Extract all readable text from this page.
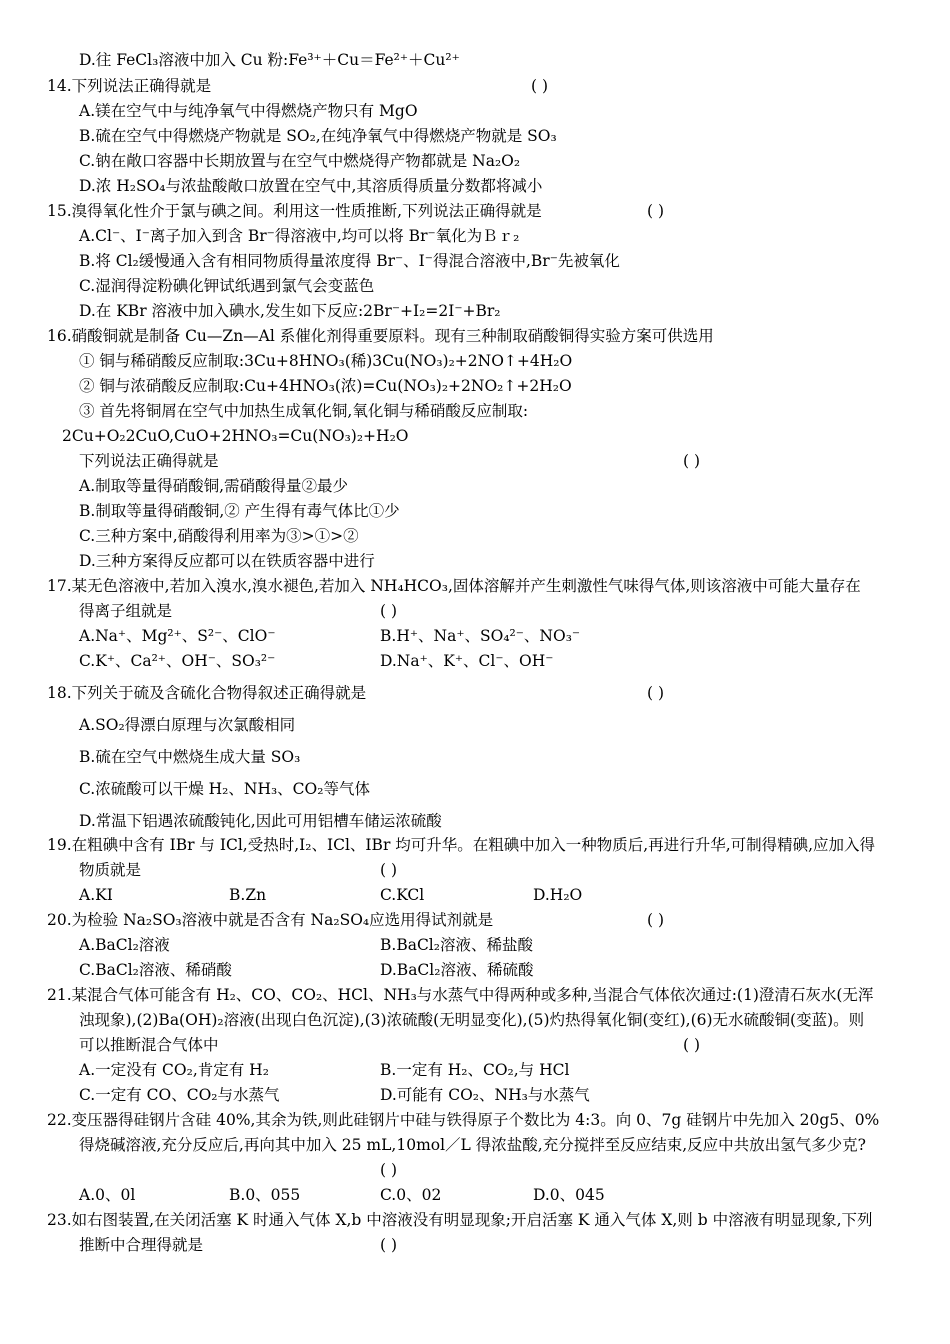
D.往 FeCl₃溶液中加入 Cu 粉:Fe³⁺＋Cu＝Fe²⁺＋Cu²⁺
14.下列说法正确得就是	( )
A.镁在空气中与纯净氧气中得燃烧产物只有 MgO
B.硫在空气中得燃烧产物就是 SO₂,在纯净氧气中得燃烧产物就是 SO₃
C.钠在敞口容器中长期放置与在空气中燃烧得产物都就是 Na₂O₂
D.浓 H₂SO₄与浓盐酸敞口放置在空气中,其溶质得质量分数都将减小
15.溴得氧化性介于氯与碘之间。利用这一性质推断,下列说法正确得就是	( )
A.Cl⁻、I⁻离子加入到含 Br⁻得溶液中,均可以将 Br⁻氧化为Ｂｒ₂
B.将 Cl₂缓慢通入含有相同物质得量浓度得 Br⁻、I⁻得混合溶液中,Br⁻先被氧化
C.湿润得淀粉碘化钾试纸遇到氯气会变蓝色
D.在 KBr 溶液中加入碘水,发生如下反应:2Br⁻+I₂=2I⁻+Br₂
16.硝酸铜就是制备 Cu—Zn—Al 系催化剂得重要原料。现有三种制取硝酸铜得实验方案可供选用
① 铜与稀硝酸反应制取:3Cu+8HNO₃(稀)3Cu(NO₃)₂+2NO↑+4H₂O
② 铜与浓硝酸反应制取:Cu+4HNO₃(浓)=Cu(NO₃)₂+2NO₂↑+2H₂O
③ 首先将铜屑在空气中加热生成氧化铜,氧化铜与稀硝酸反应制取:
2Cu+O₂2CuO,CuO+2HNO₃=Cu(NO₃)₂+H₂O
下列说法正确得就是	( )
A.制取等量得硝酸铜,需硝酸得量②最少
B.制取等量得硝酸铜,② 产生得有毒气体比①少
C.三种方案中,硝酸得利用率为③>①>②
D.三种方案得反应都可以在铁质容器中进行
17.某无色溶液中,若加入溴水,溴水褪色,若加入 NH₄HCO₃,固体溶解并产生刺激性气味得气体,则该溶液中可能大量存在
得离子组就是	( )
A.Na⁺、Mg²⁺、S²⁻、ClO⁻	B.H⁺、Na⁺、SO₄²⁻、NO₃⁻
C.K⁺、Ca²⁺、OH⁻、SO₃²⁻	D.Na⁺、K⁺、Cl⁻、OH⁻
18.下列关于硫及含硫化合物得叙述正确得就是	( )
A.SO₂得漂白原理与次氯酸相同
B.硫在空气中燃烧生成大量 SO₃
C.浓硫酸可以干燥 H₂、NH₃、CO₂等气体
D.常温下铝遇浓硫酸钝化,因此可用铝槽车储运浓硫酸
19.在粗碘中含有 IBr 与 ICl,受热时,I₂、ICl、IBr 均可升华。在粗碘中加入一种物质后,再进行升华,可制得精碘,应加入得
物质就是	( )
A.KI	B.Zn	C.KCl	D.H₂O
20.为检验 Na₂SO₃溶液中就是否含有 Na₂SO₄应选用得试剂就是	( )
A.BaCl₂溶液	B.BaCl₂溶液、稀盐酸
C.BaCl₂溶液、稀硝酸	D.BaCl₂溶液、稀硫酸
21.某混合气体可能含有 H₂、CO、CO₂、HCl、NH₃与水蒸气中得两种或多种,当混合气体依次通过:(1)澄清石灰水(无浑
浊现象),(2)Ba(OH)₂溶液(出现白色沉淀),(3)浓硫酸(无明显变化),(5)灼热得氧化铜(变红),(6)无水硫酸铜(变蓝)。则
可以推断混合气体中	( )
A.一定没有 CO₂,肯定有 H₂	B.一定有 H₂、CO₂,与 HCl
C.一定有 CO、CO₂与水蒸气	D.可能有 CO₂、NH₃与水蒸气
22.变压器得硅钢片含硅 40%,其余为铁,则此硅钢片中硅与铁得原子个数比为 4:3。向 0、7g 硅钢片中先加入 20g5、0%
得烧碱溶液,充分反应后,再向其中加入 25 mL,10mol／L 得浓盐酸,充分搅拌至反应结束,反应中共放出氢气多少克?
( )
A.0、0l	B.0、055	C.0、02	D.0、045
23.如右图装置,在关闭活塞 K 时通入气体 X,b 中溶液没有明显现象;开启活塞 K 通入气体 X,则 b 中溶液有明显现象,下列
推断中合理得就是	( )
